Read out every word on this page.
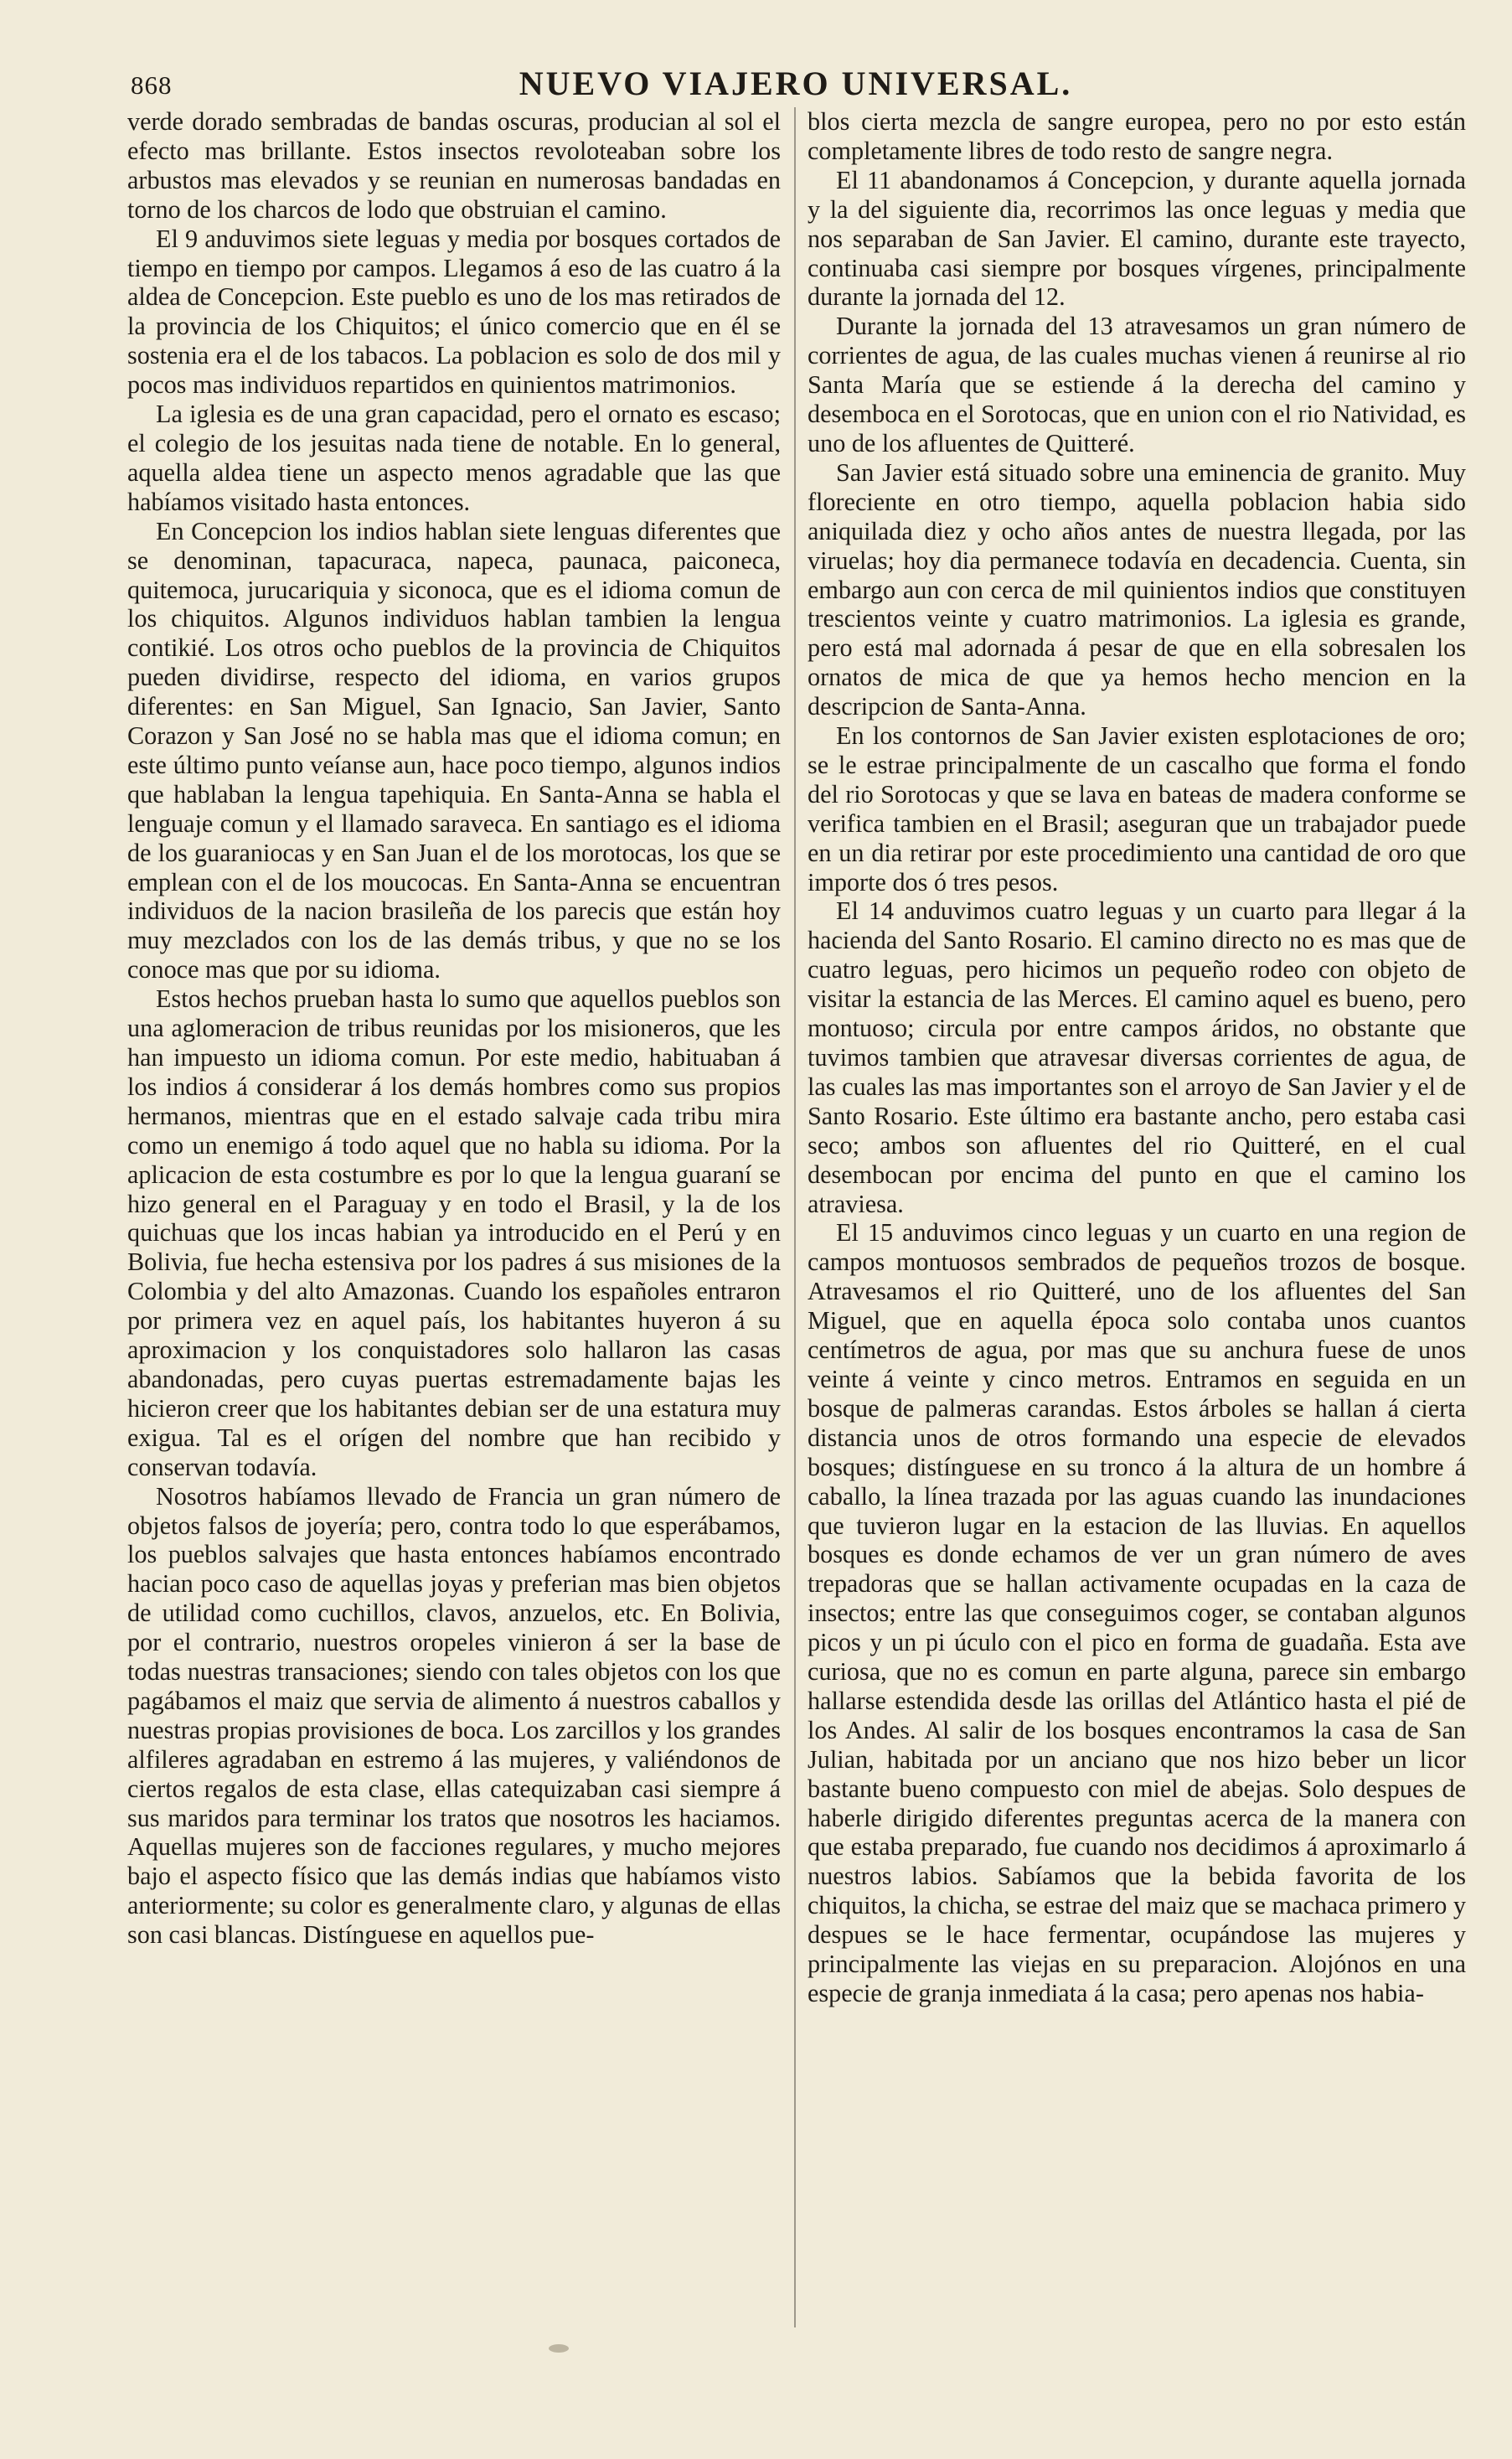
868	NUEVO VIAJERO UNIVERSAL.

verde dorado sembradas de bandas oscuras, producian al sol el efecto mas brillante. Estos insectos revoloteaban sobre los arbustos mas elevados y se reunian en numerosas bandadas en torno de los charcos de lodo que obstruian el camino.

El 9 anduvimos siete leguas y media por bosques cortados de tiempo en tiempo por campos. Llegamos á eso de las cuatro á la aldea de Concepcion. Este pueblo es uno de los mas retirados de la provincia de los Chiquitos; el único comercio que en él se sostenia era el de los tabacos. La poblacion es solo de dos mil y pocos mas individuos repartidos en quinientos matrimonios.

La iglesia es de una gran capacidad, pero el ornato es escaso; el colegio de los jesuitas nada tiene de notable. En lo general, aquella aldea tiene un aspecto menos agradable que las que habíamos visitado hasta entonces.

En Concepcion los indios hablan siete lenguas diferentes que se denominan, tapacuraca, napeca, paunaca, paiconeca, quitemoca, jurucariquia y siconoca, que es el idioma comun de los chiquitos. Algunos individuos hablan tambien la lengua contikié. Los otros ocho pueblos de la provincia de Chiquitos pueden dividirse, respecto del idioma, en varios grupos diferentes: en San Miguel, San Ignacio, San Javier, Santo Corazon y San José no se habla mas que el idioma comun; en este último punto veíanse aun, hace poco tiempo, algunos indios que hablaban la lengua tapehiquia. En Santa-Anna se habla el lenguaje comun y el llamado saraveca. En santiago es el idioma de los guaraniocas y en San Juan el de los morotocas, los que se emplean con el de los moucocas. En Santa-Anna se encuentran individuos de la nacion brasileña de los parecis que están hoy muy mezclados con los de las demás tribus, y que no se los conoce mas que por su idioma.

Estos hechos prueban hasta lo sumo que aquellos pueblos son una aglomeracion de tribus reunidas por los misioneros, que les han impuesto un idioma comun. Por este medio, habituaban á los indios á considerar á los demás hombres como sus propios hermanos, mientras que en el estado salvaje cada tribu mira como un enemigo á todo aquel que no habla su idioma. Por la aplicacion de esta costumbre es por lo que la lengua guaraní se hizo general en el Paraguay y en todo el Brasil, y la de los quichuas que los incas habian ya introducido en el Perú y en Bolivia, fue hecha estensiva por los padres á sus misiones de la Colombia y del alto Amazonas. Cuando los españoles entraron por primera vez en aquel país, los habitantes huyeron á su aproximacion y los conquistadores solo hallaron las casas abandonadas, pero cuyas puertas estremadamente bajas les hicieron creer que los habitantes debian ser de una estatura muy exigua. Tal es el orígen del nombre que han recibido y conservan todavía.

Nosotros habíamos llevado de Francia un gran número de objetos falsos de joyería; pero, contra todo lo que esperábamos, los pueblos salvajes que hasta entonces habíamos encontrado hacian poco caso de aquellas joyas y preferian mas bien objetos de utilidad como cuchillos, clavos, anzuelos, etc. En Bolivia, por el contrario, nuestros oropeles vinieron á ser la base de todas nuestras transaciones; siendo con tales objetos con los que pagábamos el maiz que servia de alimento á nuestros caballos y nuestras propias provisiones de boca. Los zarcillos y los grandes alfileres agradaban en estremo á las mujeres, y valiéndonos de ciertos regalos de esta clase, ellas catequizaban casi siempre á sus maridos para terminar los tratos que nosotros les haciamos. Aquellas mujeres son de facciones regulares, y mucho mejores bajo el aspecto físico que las demás indias que habíamos visto anteriormente; su color es generalmente claro, y algunas de ellas son casi blancas. Distínguese en aquellos pue-

blos cierta mezcla de sangre europea, pero no por esto están completamente libres de todo resto de sangre negra.

El 11 abandonamos á Concepcion, y durante aquella jornada y la del siguiente dia, recorrimos las once leguas y media que nos separaban de San Javier. El camino, durante este trayecto, continuaba casi siempre por bosques vírgenes, principalmente durante la jornada del 12.

Durante la jornada del 13 atravesamos un gran número de corrientes de agua, de las cuales muchas vienen á reunirse al rio Santa María que se estiende á la derecha del camino y desemboca en el Sorotocas, que en union con el rio Natividad, es uno de los afluentes de Quitteré.

San Javier está situado sobre una eminencia de granito. Muy floreciente en otro tiempo, aquella poblacion habia sido aniquilada diez y ocho años antes de nuestra llegada, por las viruelas; hoy dia permanece todavía en decadencia. Cuenta, sin embargo aun con cerca de mil quinientos indios que constituyen trescientos veinte y cuatro matrimonios. La iglesia es grande, pero está mal adornada á pesar de que en ella sobresalen los ornatos de mica de que ya hemos hecho mencion en la descripcion de Santa-Anna.

En los contornos de San Javier existen esplotaciones de oro; se le estrae principalmente de un cascalho que forma el fondo del rio Sorotocas y que se lava en bateas de madera conforme se verifica tambien en el Brasil; aseguran que un trabajador puede en un dia retirar por este procedimiento una cantidad de oro que importe dos ó tres pesos.

El 14 anduvimos cuatro leguas y un cuarto para llegar á la hacienda del Santo Rosario. El camino directo no es mas que de cuatro leguas, pero hicimos un pequeño rodeo con objeto de visitar la estancia de las Merces. El camino aquel es bueno, pero montuoso; circula por entre campos áridos, no obstante que tuvimos tambien que atravesar diversas corrientes de agua, de las cuales las mas importantes son el arroyo de San Javier y el de Santo Rosario. Este último era bastante ancho, pero estaba casi seco; ambos son afluentes del rio Quitteré, en el cual desembocan por encima del punto en que el camino los atraviesa.

El 15 anduvimos cinco leguas y un cuarto en una region de campos montuosos sembrados de pequeños trozos de bosque. Atravesamos el rio Quitteré, uno de los afluentes del San Miguel, que en aquella época solo contaba unos cuantos centímetros de agua, por mas que su anchura fuese de unos veinte á veinte y cinco metros. Entramos en seguida en un bosque de palmeras carandas. Estos árboles se hallan á cierta distancia unos de otros formando una especie de elevados bosques; distínguese en su tronco á la altura de un hombre á caballo, la línea trazada por las aguas cuando las inundaciones que tuvieron lugar en la estacion de las lluvias. En aquellos bosques es donde echamos de ver un gran número de aves trepadoras que se hallan activamente ocupadas en la caza de insectos; entre las que conseguimos coger, se contaban algunos picos y un pi úculo con el pico en forma de guadaña. Esta ave curiosa, que no es comun en parte alguna, parece sin embargo hallarse estendida desde las orillas del Atlántico hasta el pié de los Andes. Al salir de los bosques encontramos la casa de San Julian, habitada por un anciano que nos hizo beber un licor bastante bueno compuesto con miel de abejas. Solo despues de haberle dirigido diferentes preguntas acerca de la manera con que estaba preparado, fue cuando nos decidimos á aproximarlo á nuestros labios. Sabíamos que la bebida favorita de los chiquitos, la chicha, se estrae del maiz que se machaca primero y despues se le hace fermentar, ocupándose las mujeres y principalmente las viejas en su preparacion. Alojónos en una especie de granja inmediata á la casa; pero apenas nos habia-
